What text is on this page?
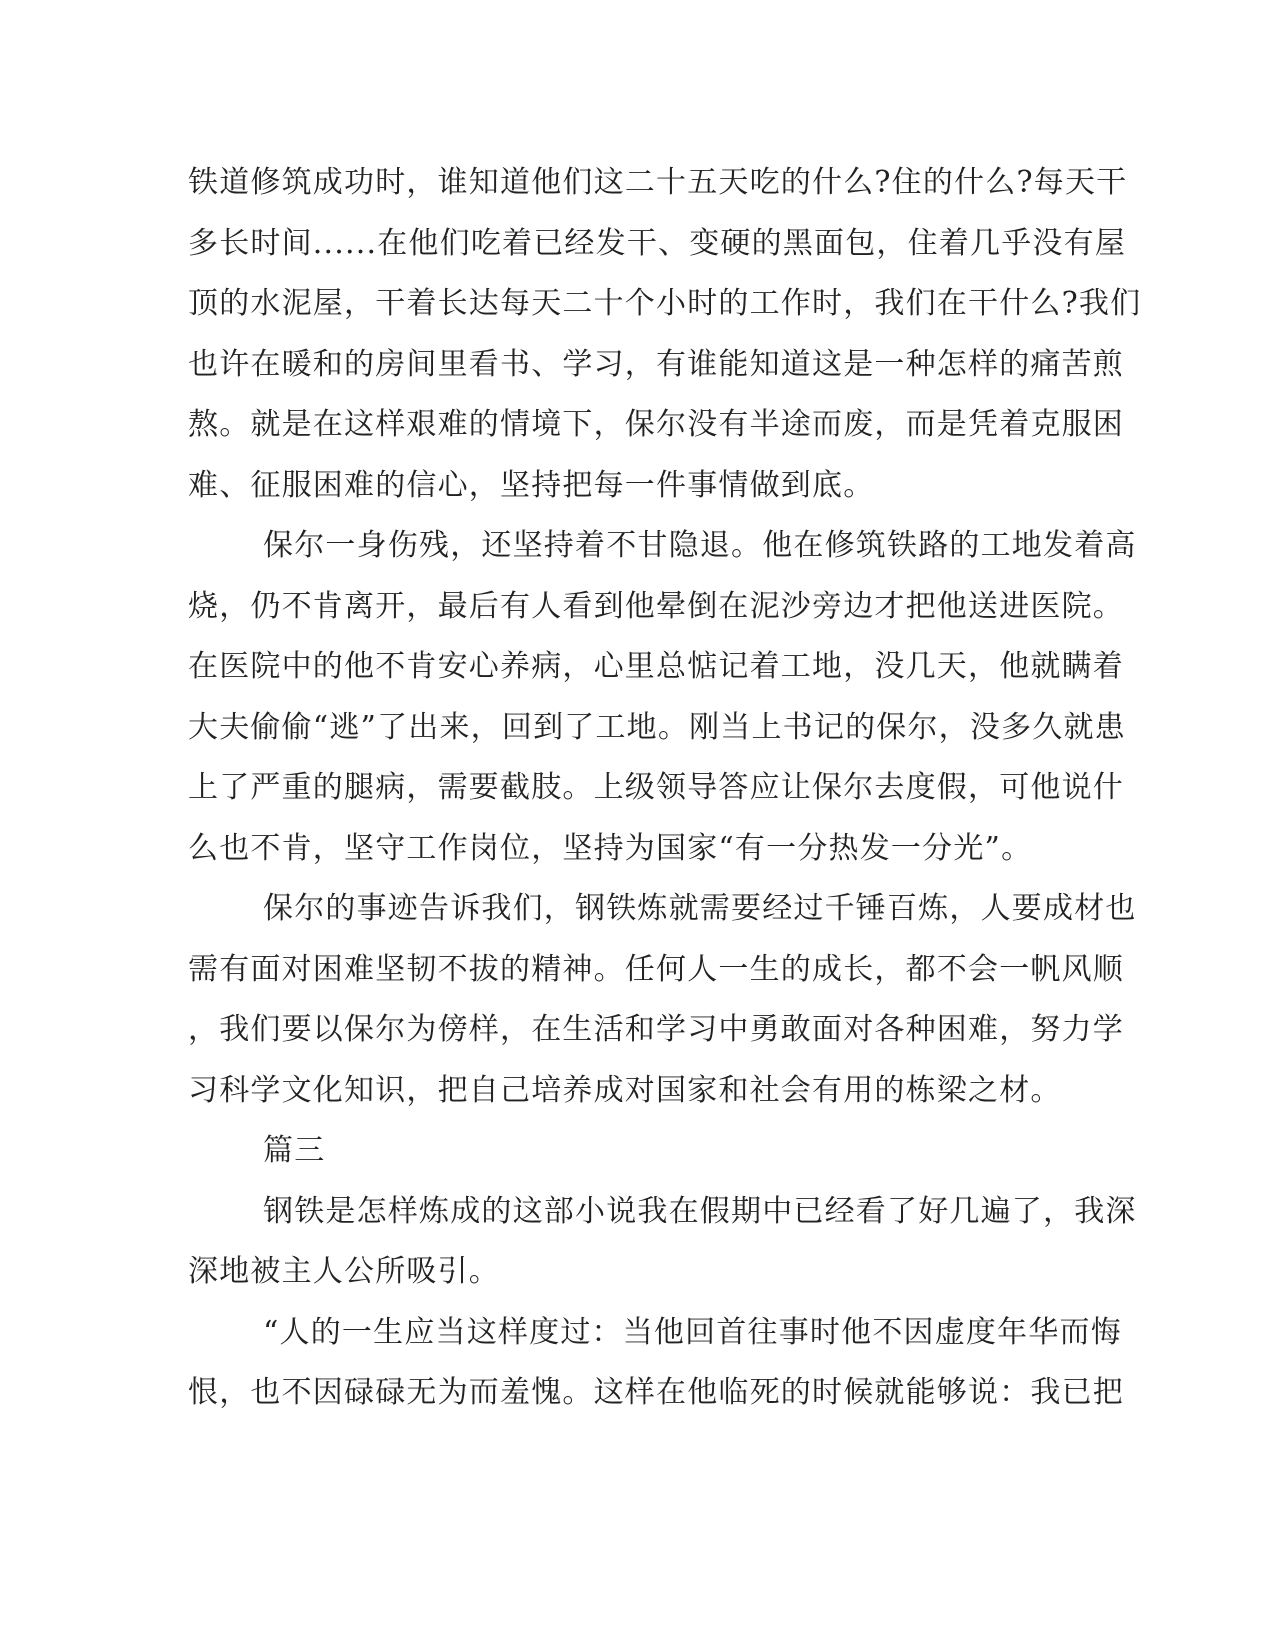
铁道修筑成功时，谁知道他们这二十五天吃的什么?住的什么?每天干
多长时间......在他们吃着已经发干、变硬的黑面包，住着几乎没有屋
顶的水泥屋，干着长达每天二十个小时的工作时，我们在干什么?我们
也许在暖和的房间里看书、学习，有谁能知道这是一种怎样的痛苦煎
熬。就是在这样艰难的情境下，保尔没有半途而废，而是凭着克服困
难、征服困难的信心，坚持把每一件事情做到底。
保尔一身伤残，还坚持着不甘隐退。他在修筑铁路的工地发着高
烧，仍不肯离开，最后有人看到他晕倒在泥沙旁边才把他送进医院。
在医院中的他不肯安心养病，心里总惦记着工地，没几天，他就瞒着
大夫偷偷“逃”了出来，回到了工地。刚当上书记的保尔，没多久就患
上了严重的腿病，需要截肢。上级领导答应让保尔去度假，可他说什
么也不肯，坚守工作岗位，坚持为国家“有一分热发一分光”。
保尔的事迹告诉我们，钢铁炼就需要经过千锤百炼，人要成材也
需有面对困难坚韧不拔的精神。任何人一生的成长，都不会一帆风顺
，我们要以保尔为傍样，在生活和学习中勇敢面对各种困难，努力学
习科学文化知识，把自己培养成对国家和社会有用的栋梁之材。
篇三
钢铁是怎样炼成的这部小说我在假期中已经看了好几遍了，我深
深地被主人公所吸引。
“人的一生应当这样度过：当他回首往事时他不因虚度年华而悔
恨，也不因碌碌无为而羞愧。这样在他临死的时候就能够说：我已把
